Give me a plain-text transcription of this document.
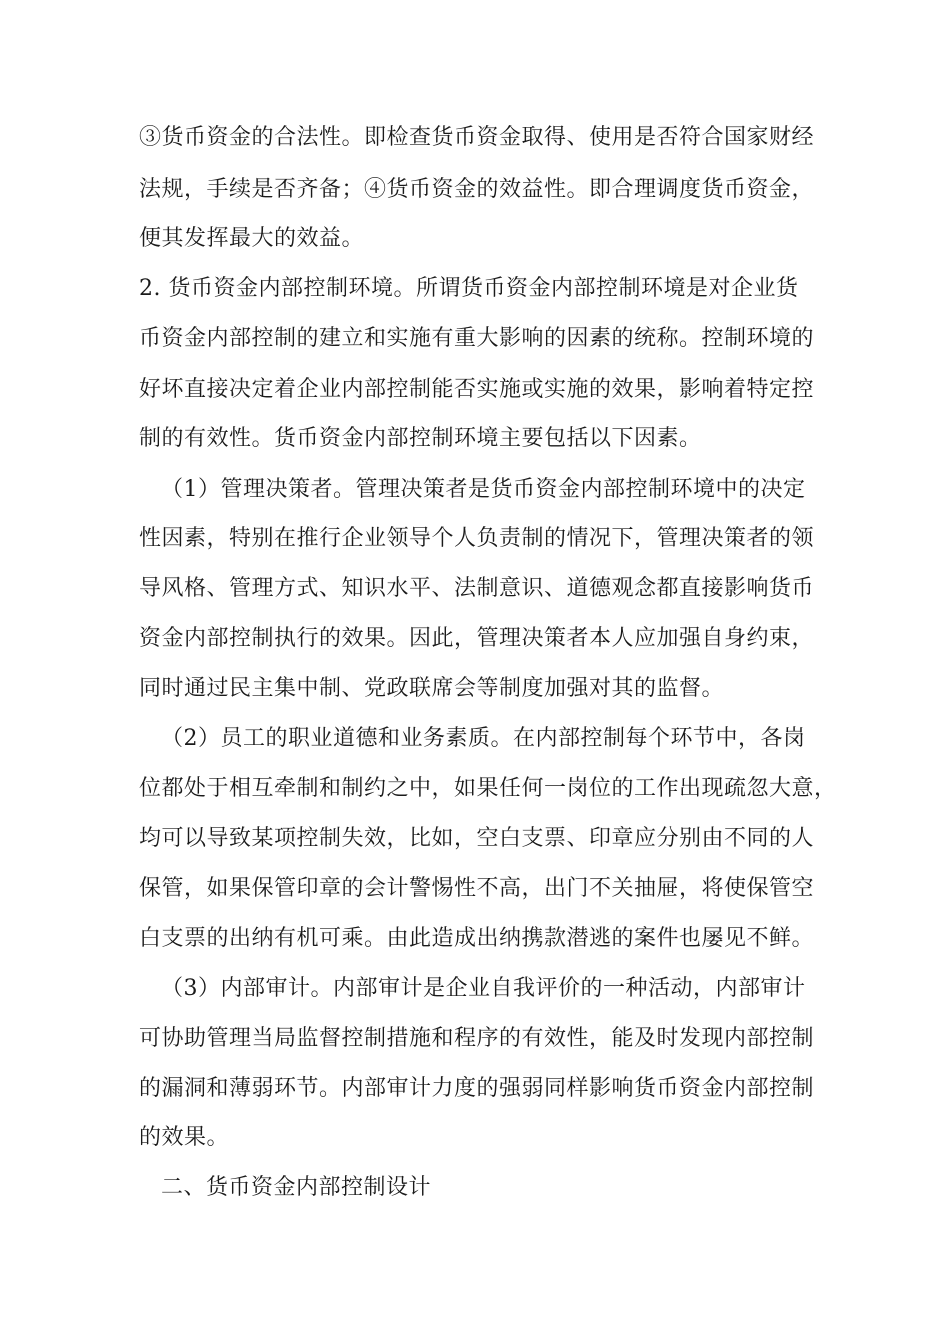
③货币资金的合法性。即检查货币资金取得、使用是否符合国家财经
法规，手续是否齐备；④货币资金的效益性。即合理调度货币资金，
便其发挥最大的效益。
2. 货币资金内部控制环境。所谓货币资金内部控制环境是对企业货
币资金内部控制的建立和实施有重大影响的因素的统称。控制环境的
好坏直接决定着企业内部控制能否实施或实施的效果，影响着特定控
制的有效性。货币资金内部控制环境主要包括以下因素。
（1）管理决策者。管理决策者是货币资金内部控制环境中的决定
性因素，特别在推行企业领导个人负责制的情况下，管理决策者的领
导风格、管理方式、知识水平、法制意识、道德观念都直接影响货币
资金内部控制执行的效果。因此，管理决策者本人应加强自身约束，
同时通过民主集中制、党政联席会等制度加强对其的监督。
（2）员工的职业道德和业务素质。在内部控制每个环节中，各岗
位都处于相互牵制和制约之中，如果任何一岗位的工作出现疏忽大意，
均可以导致某项控制失效，比如，空白支票、印章应分别由不同的人
保管，如果保管印章的会计警惕性不高，出门不关抽屉，将使保管空
白支票的出纳有机可乘。由此造成出纳携款潜逃的案件也屡见不鲜。
（3）内部审计。内部审计是企业自我评价的一种活动，内部审计
可协助管理当局监督控制措施和程序的有效性，能及时发现内部控制
的漏洞和薄弱环节。内部审计力度的强弱同样影响货币资金内部控制
的效果。
二、货币资金内部控制设计
